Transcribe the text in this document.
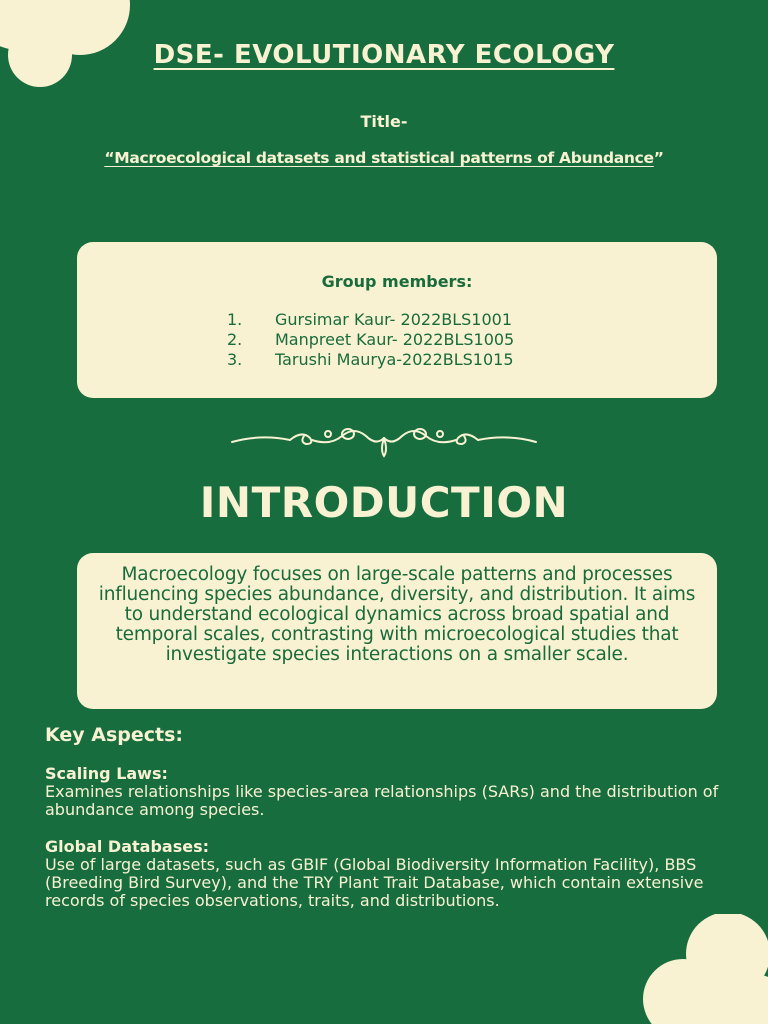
DSE- EVOLUTIONARY ECOLOGY
Title-
“Macroecological datasets and statistical patterns of Abundance”
Group members:
1.	Gursimar Kaur- 2022BLS1001
2.	Manpreet Kaur- 2022BLS1005
3.	Tarushi Maurya-2022BLS1015
INTRODUCTION
Macroecology focuses on large-scale patterns and processes influencing species abundance, diversity, and distribution. It aims to understand ecological dynamics across broad spatial and temporal scales, contrasting with microecological studies that investigate species interactions on a smaller scale.
Key Aspects:
Scaling Laws:
Examines relationships like species-area relationships (SARs) and the distribution of abundance among species.
Global Databases:
Use of large datasets, such as GBIF (Global Biodiversity Information Facility), BBS (Breeding Bird Survey), and the TRY Plant Trait Database, which contain extensive records of species observations, traits, and distributions.
